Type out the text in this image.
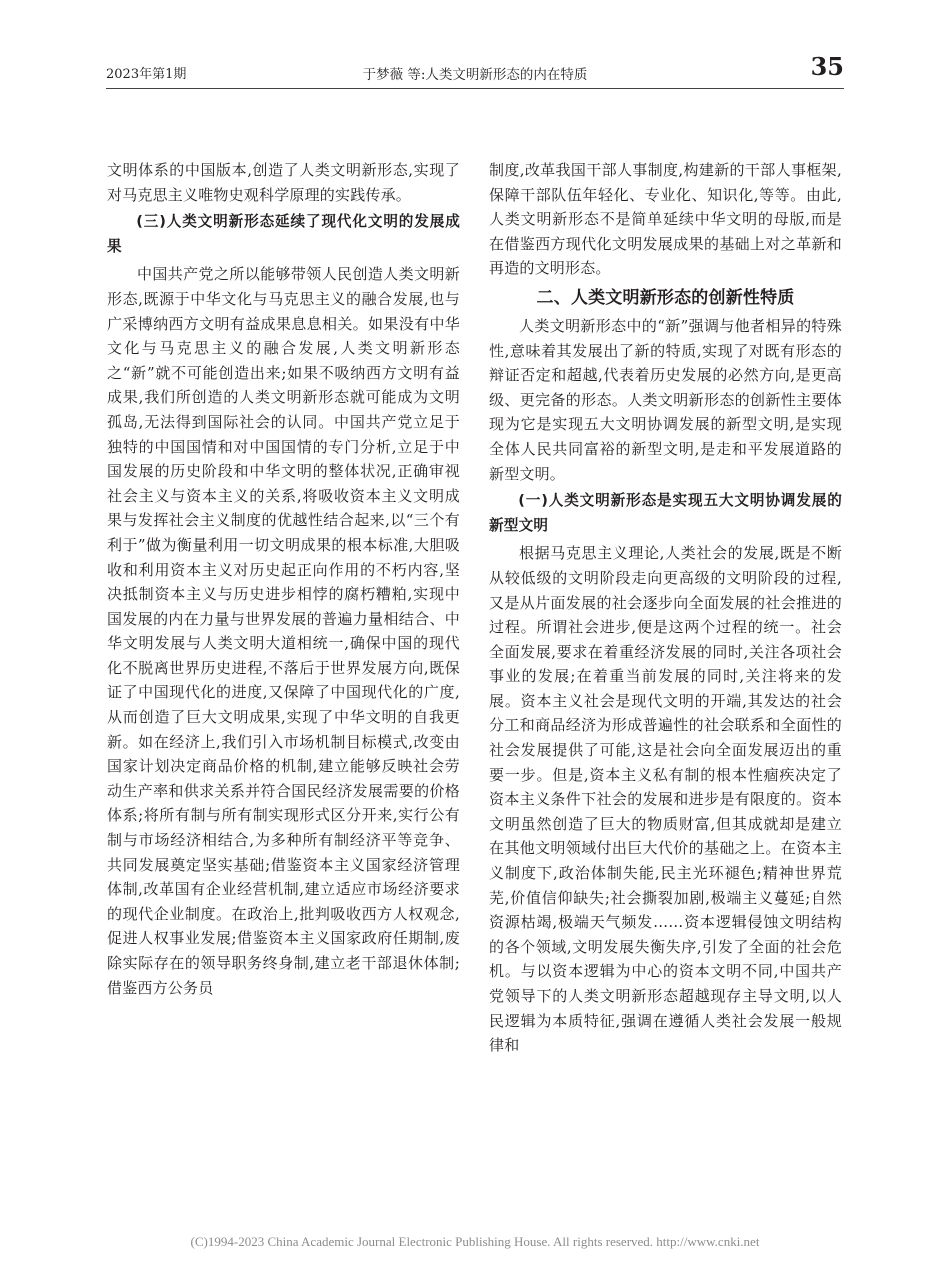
2023年第1期	于梦薇 等:人类文明新形态的内在特质	35

文明体系的中国版本,创造了人类文明新形态,实现了对马克思主义唯物史观科学原理的实践传承。

(三)人类文明新形态延续了现代化文明的发展成果

中国共产党之所以能够带领人民创造人类文明新形态,既源于中华文化与马克思主义的融合发展,也与广采博纳西方文明有益成果息息相关。如果没有中华文化与马克思主义的融合发展,人类文明新形态之“新”就不可能创造出来;如果不吸纳西方文明有益成果,我们所创造的人类文明新形态就可能成为文明孤岛,无法得到国际社会的认同。中国共产党立足于独特的中国国情和对中国国情的专门分析,立足于中国发展的历史阶段和中华文明的整体状况,正确审视社会主义与资本主义的关系,将吸收资本主义文明成果与发挥社会主义制度的优越性结合起来,以“三个有利于”做为衡量利用一切文明成果的根本标准,大胆吸收和利用资本主义对历史起正向作用的不朽内容,坚决抵制资本主义与历史进步相悖的腐朽糟粕,实现中国发展的内在力量与世界发展的普遍力量相结合、中华文明发展与人类文明大道相统一,确保中国的现代化不脱离世界历史进程,不落后于世界发展方向,既保证了中国现代化的进度,又保障了中国现代化的广度,从而创造了巨大文明成果,实现了中华文明的自我更新。如在经济上,我们引入市场机制目标模式,改变由国家计划决定商品价格的机制,建立能够反映社会劳动生产率和供求关系并符合国民经济发展需要的价格体系;将所有制与所有制实现形式区分开来,实行公有制与市场经济相结合,为多种所有制经济平等竞争、共同发展奠定坚实基础;借鉴资本主义国家经济管理体制,改革国有企业经营机制,建立适应市场经济要求的现代企业制度。在政治上,批判吸收西方人权观念,促进人权事业发展;借鉴资本主义国家政府任期制,废除实际存在的领导职务终身制,建立老干部退休体制;借鉴西方公务员

制度,改革我国干部人事制度,构建新的干部人事框架,保障干部队伍年轻化、专业化、知识化,等等。由此,人类文明新形态不是简单延续中华文明的母版,而是在借鉴西方现代化文明发展成果的基础上对之革新和再造的文明形态。

二、人类文明新形态的创新性特质

人类文明新形态中的“新”强调与他者相异的特殊性,意味着其发展出了新的特质,实现了对既有形态的辩证否定和超越,代表着历史发展的必然方向,是更高级、更完备的形态。人类文明新形态的创新性主要体现为它是实现五大文明协调发展的新型文明,是实现全体人民共同富裕的新型文明,是走和平发展道路的新型文明。

(一)人类文明新形态是实现五大文明协调发展的新型文明

根据马克思主义理论,人类社会的发展,既是不断从较低级的文明阶段走向更高级的文明阶段的过程,又是从片面发展的社会逐步向全面发展的社会推进的过程。所谓社会进步,便是这两个过程的统一。社会全面发展,要求在着重经济发展的同时,关注各项社会事业的发展;在着重当前发展的同时,关注将来的发展。资本主义社会是现代文明的开端,其发达的社会分工和商品经济为形成普遍性的社会联系和全面性的社会发展提供了可能,这是社会向全面发展迈出的重要一步。但是,资本主义私有制的根本性痼疾决定了资本主义条件下社会的发展和进步是有限度的。资本文明虽然创造了巨大的物质财富,但其成就却是建立在其他文明领域付出巨大代价的基础之上。在资本主义制度下,政治体制失能,民主光环褪色;精神世界荒芜,价值信仰缺失;社会撕裂加剧,极端主义蔓延;自然资源枯竭,极端天气频发……资本逻辑侵蚀文明结构的各个领域,文明发展失衡失序,引发了全面的社会危机。与以资本逻辑为中心的资本文明不同,中国共产党领导下的人类文明新形态超越现存主导文明,以人民逻辑为本质特征,强调在遵循人类社会发展一般规律和

(C)1994-2023 China Academic Journal Electronic Publishing House. All rights reserved. http://www.cnki.net
